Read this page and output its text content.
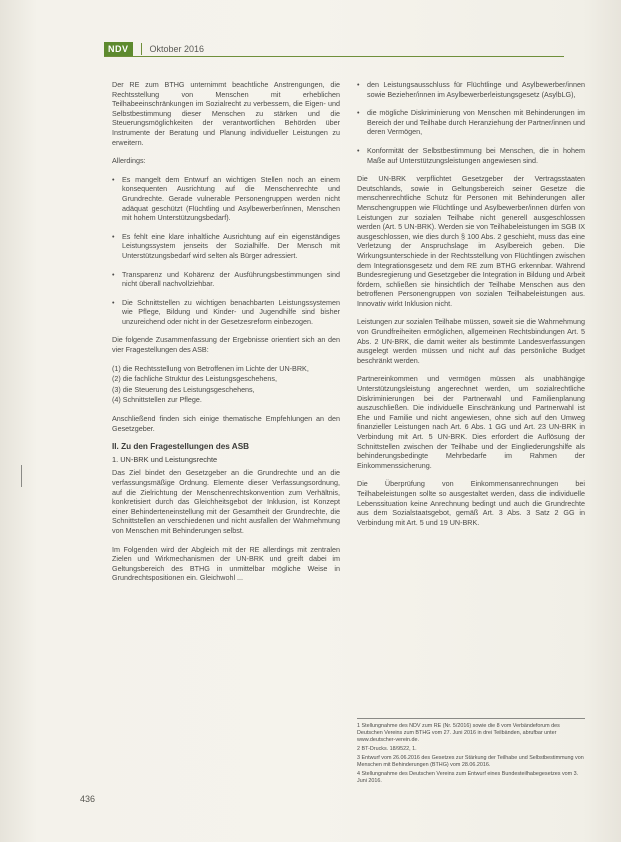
NDV	Oktober 2016

Der RE zum BTHG unternimmt beachtliche Anstrengungen, die Rechtsstellung von Menschen mit erheblichen Teilhabeeinschränkungen im Sozialrecht zu verbessern, die Eigen- und Selbstbestimmung dieser Menschen zu stärken und die Steuerungsmöglichkeiten der verantwortlichen Behörden über Instrumente der Beratung und Planung individueller Leistungen zu erweitern.

Allerdings:

• Es mangelt dem Entwurf an wichtigen Stellen noch an einem konsequenten Ausrichtung auf die Menschenrechte und Grundrechte. Gerade vulnerable Personengruppen werden nicht adäquat geschützt (Flüchtling und Asylbewerber/innen, Menschen mit hohem Unterstützungsbedarf).
• Es fehlt eine klare inhaltliche Ausrichtung auf ein eigenständiges Leistungssystem jenseits der Sozialhilfe. Der Mensch mit Unterstützungsbedarf wird selten als Bürger adressiert.
• Transparenz und Kohärenz der Ausführungsbestimmungen sind nicht überall nachvollziehbar.
• Die Schnittstellen zu wichtigen benachbarten Leistungssystemen wie Pflege, Bildung und Kinder- und Jugendhilfe sind bisher unzureichend oder nicht in der Gesetzesreform einbezogen.

Die folgende Zusammenfassung der Ergebnisse orientiert sich an den vier Fragestellungen des ASB:

(1) die Rechtsstellung von Betroffenen im Lichte der UN-BRK,
(2) die fachliche Struktur des Leistungsgeschehens,
(3) die Steuerung des Leistungsgeschehens,
(4) Schnittstellen zur Pflege.

Anschließend finden sich einige thematische Empfehlungen an den Gesetzgeber.

II. Zu den Fragestellungen des ASB
1. UN-BRK und Leistungsrechte

Das Ziel bindet den Gesetzgeber an die Grundrechte und an die verfassungsmäßige Ordnung. Elemente dieser Verfassungsordnung, auf die Zielrichtung der Menschenrechtskonvention zum Verhältnis, konkretisiert durch das Gleichheitsgebot der Inklusion, ist Konzept einer Behinderteneinstellung mit der Gesamtheit der Grundrechte, die Schnittstellen an verschiedenen und nicht ausfallen der Wahrnehmung von Menschen mit Behinderungen selbst.

Im Folgenden wird der Abgleich mit der RE allerdings mit zentralen Zielen und Wirkmechanismen der UN-BRK und greift dabei im Geltungsbereich des BTHG in unmittelbar mögliche Weise in Grundrechtspositionen ein. Gleichwohl ...

• den Leistungsausschluss für Flüchtlinge und Asylbewerber/innen sowie Bezieher/innen im Asylbewerberleistungsgesetz (AsylbLG),
• die mögliche Diskriminierung von Menschen mit Behinderungen im Bereich der und Teilhabe durch Heranziehung der Partner/innen und deren Vermögen,
• Konformität der Selbstbestimmung bei Menschen, die in hohem Maße auf Unterstützungsleistungen angewiesen sind.

Die UN-BRK verpflichtet Gesetzgeber der Vertragsstaaten Deutschlands, sowie in Geltungsbereich seiner Gesetze die menschenrechtliche Schutz für Personen mit Behinderungen aller Menschengruppen wie Flüchtlinge und Asylbewerber/innen dürfen von Leistungen zur sozialen Teilhabe nicht generell ausgeschlossen werden (Art. 5 UN-BRK). Werden sie von Teilhabeleistungen im SGB IX ausgeschlossen, wie dies durch § 100 Abs. 2 geschieht, muss das eine Verletzung der Anspruchslage im Asylbereich geben. Die Wirkungsunterschiede in der Rechtsstellung von Flüchtlingen zwischen dem Integrationsgesetz und dem RE zum BTHG erkennbar. Während Bundesregierung und Gesetzgeber die Integration in Bildung und Arbeit fördern, schließen sie hinsichtlich der Teilhabe Menschen aus den betroffenen Personengruppen von sozialen Teilhabeleistungen aus. Innovativ wirkt Inklusion nicht.

Leistungen zur sozialen Teilhabe müssen, soweit sie die Wahrnehmung von Grundfreiheiten ermöglichen, allgemeinen Rechtsbindungen Art. 5 Abs. 2 UN-BRK, die damit weiter als bestimmte Landesverfassungen ausgelegt werden müssen und nicht auf das persönliche Budget beschränkt werden.

Partnereinkommen und vermögen müssen als unabhängige Unterstützungsleistung angerechnet werden, um sozialrechtliche Diskriminierungen bei der Partnerwahl und Familienplanung auszuschließen. Die individuelle Einschränkung und Partnerwahl ist Ehe und Familie und nicht angewiesen, ohne sich auf den Umweg finanzieller Leistungen nach Art. 6 Abs. 1 GG und Art. 23 UN-BRK in Verbindung mit Art. 5 UN-BRK. Dies erfordert die Auflösung der Schnittstellen zwischen der Teilhabe und der Eingliederungshilfe als behinderungsbedingte Mehrbedarfe im Rahmen der Einkommenssicherung.

Die Überprüfung von Einkommensanrechnungen bei Teilhabeleistungen sollte so ausgestaltet werden, dass die individuelle Lebenssituation keine Anrechnung bedingt und auch die Grundrechte aus dem Sozialstaatsgebot, gemäß Art. 3 Abs. 3 Satz 2 GG in Verbindung mit Art. 5 und 19 UN-BRK.

1 Stellungnahme des NDV zum RE (Nr. 5/2016) sowie die 8 vom Verbändeforum des Deutschen Vereins zum BTHG vom 27. Juni 2016 in drei Teilbänden, abrufbar unter www.deutscher-verein.de.
2 BT-Drucks. 18/9522, 1.
3 Entwurf vom 26.06.2016 des Gesetzes zur Stärkung der Teilhabe und Selbstbestimmung von Menschen mit Behinderungen (BTHG) vom 28.06.2016.
4 Stellungnahme des Deutschen Vereins zum Entwurf eines Bundesteilhabegesetzes vom 3. Juni 2016.
436
